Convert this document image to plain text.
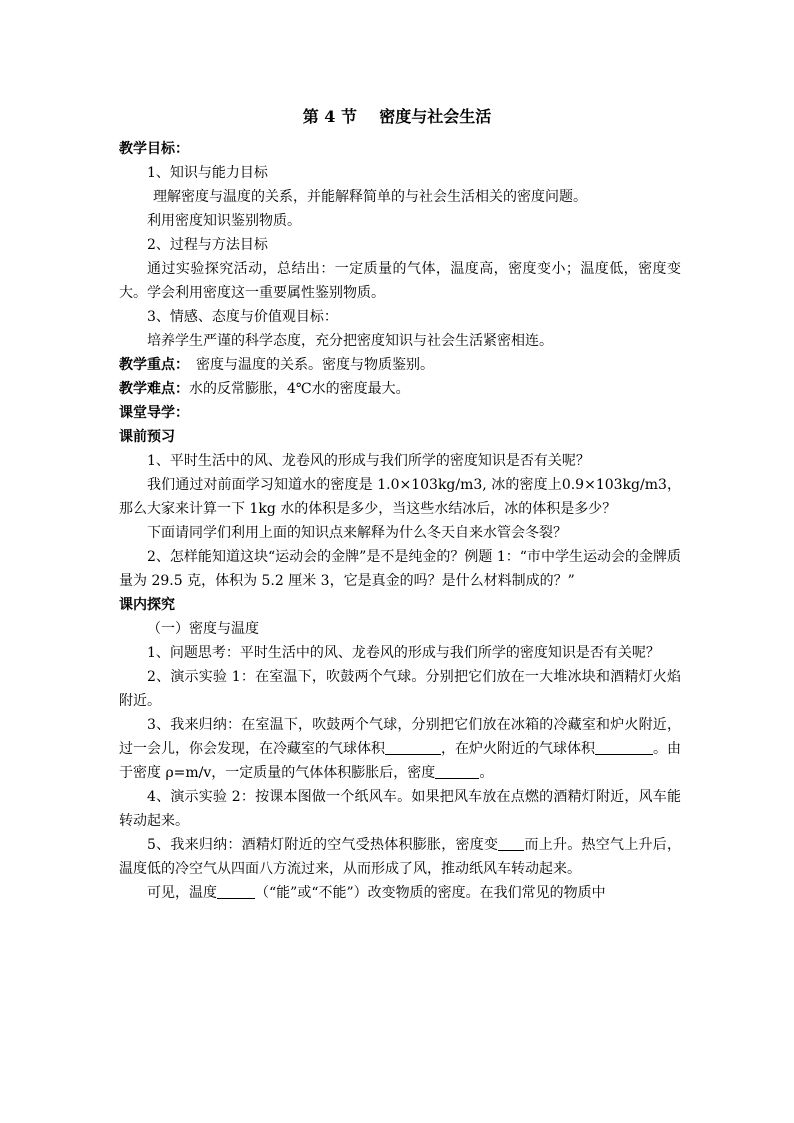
第 4 节    密度与社会生活

教学目标：

1、知识与能力目标

理解密度与温度的关系，并能解释简单的与社会生活相关的密度问题。

利用密度知识鉴别物质。

2、过程与方法目标

通过实验探究活动，总结出：一定质量的气体，温度高，密度变小；温度低，密度变大。学会利用密度这一重要属性鉴别物质。

3、情感、态度与价值观目标：

培养学生严谨的科学态度，充分把密度知识与社会生活紧密相连。

教学重点：　 密度与温度的关系。密度与物质鉴别。

教学难点：水的反常膨胀，4℃水的密度最大。

课堂导学：

课前预习

1、平时生活中的风、龙卷风的形成与我们所学的密度知识是否有关呢？

我们通过对前面学习知道水的密度是 1.0×103kg/m3, 冰的密度上0.9×103kg/m3，那么大家来计算一下 1kg 水的体积是多少，当这些水结冰后，冰的体积是多少？

下面请同学们利用上面的知识点来解释为什么冬天自来水管会冬裂？

2、怎样能知道这块“运动会的金牌”是不是纯金的？例题 1：“市中学生运动会的金牌质量为 29.5 克，体积为 5.2 厘米 3，它是真金的吗？是什么材料制成的？”

课内探究

（一）密度与温度

1、问题思考：平时生活中的风、龙卷风的形成与我们所学的密度知识是否有关呢？

2、演示实验 1：在室温下，吹鼓两个气球。分别把它们放在一大堆冰块和酒精灯火焰附近。

3、我来归纳：在室温下，吹鼓两个气球，分别把它们放在冰箱的冷藏室和炉火附近，过一会儿，你会发现，在冷藏室的气球体积	，在炉火附近的气球体积	。由于密度 ρ=m/v，一定质量的气体体积膨胀后，密度	。

4、演示实验 2：按课本图做一个纸风车。如果把风车放在点燃的酒精灯附近，风车能转动起来。

5、我来归纳：酒精灯附近的空气受热体积膨胀，密度变 而上升。热空气上升后，温度低的冷空气从四面八方流过来，从而形成了风，推动纸风车转动起来。

可见，温度	（“能”或“不能”）改变物质的密度。在我们常见的物质中
